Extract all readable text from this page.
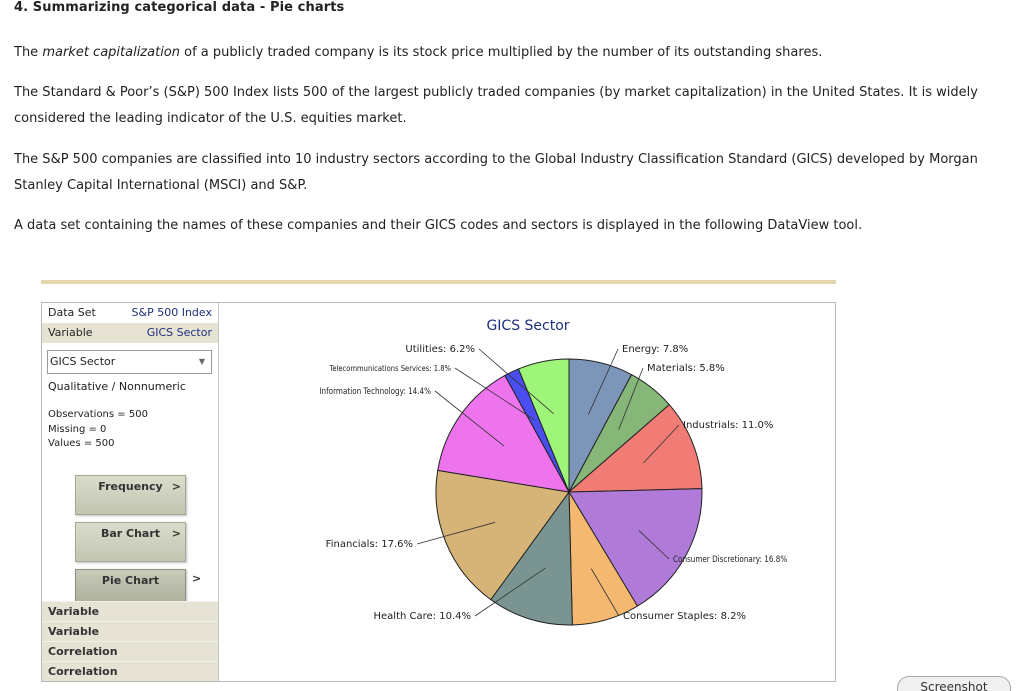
4. Summarizing categorical data - Pie charts
The market capitalization of a publicly traded company is its stock price multiplied by the number of its outstanding shares.
The Standard & Poor’s (S&P) 500 Index lists 500 of the largest publicly traded companies (by market capitalization) in the United States. It is widely considered the leading indicator of the U.S. equities market.
The S&P 500 companies are classified into 10 industry sectors according to the Global Industry Classification Standard (GICS) developed by Morgan Stanley Capital International (MSCI) and S&P.
A data set containing the names of these companies and their GICS codes and sectors is displayed in the following DataView tool.
Data Set	S&P 500 Index
Variable	GICS Sector
GICS Sector	▼
Qualitative / Nonnumeric
Observations = 500
Missing = 0
Values = 500
Frequency >
Bar Chart	>
Pie Chart	>
Variable
Variable
Correlation
Correlation
GICS Sector
Energy: 7.8%
Materials: 5.8%
Industrials: 11.0%
Consumer Discretionary: 16.8%
Consumer Staples: 8.2%
Health Care: 10.4%
Financials: 17.6%
Information Technology: 14.4%
Telecommunications Services: 1.8%
Utilities: 6.2%
Screenshot
